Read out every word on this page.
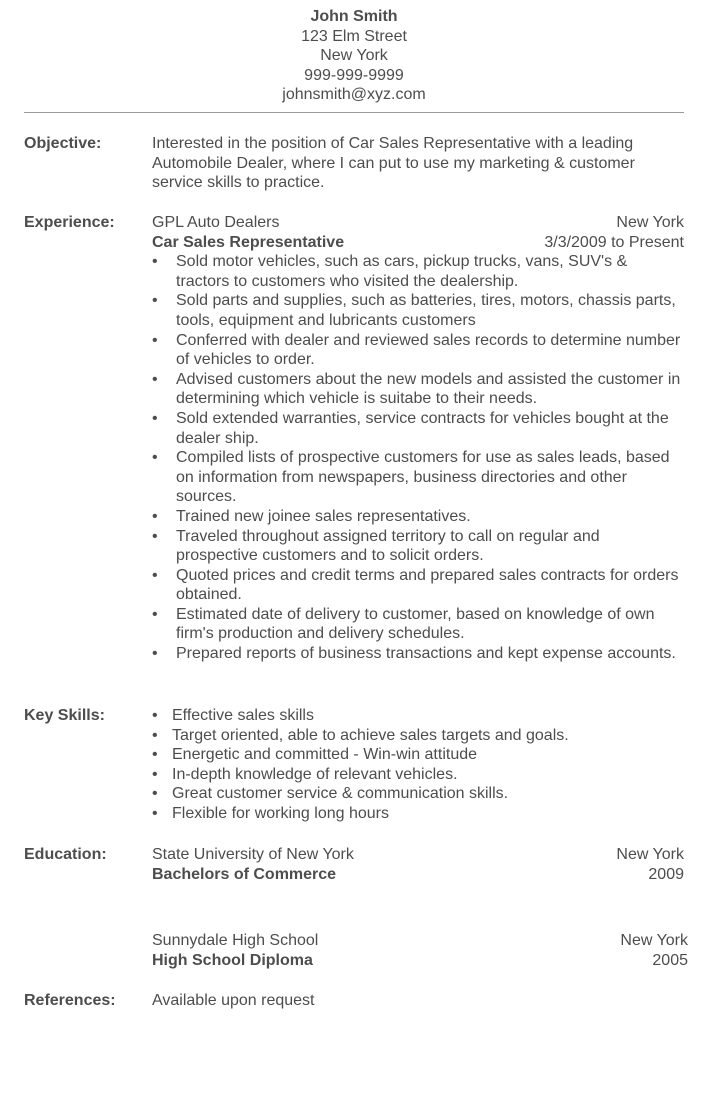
John Smith
123 Elm Street
New York
999-999-9999
johnsmith@xyz.com
Objective:	Interested in the position of Car Sales Representative with a leading Automobile Dealer, where I can put to use my marketing & customer service skills to practice.
Experience: GPL Auto Dealers	New York
Car Sales Representative	3/3/2009 to Present
• Sold motor vehicles, such as cars, pickup trucks, vans, SUV's & tractors to customers who visited the dealership.
• Sold parts and supplies, such as batteries, tires, motors, chassis parts, tools, equipment and lubricants customers
• Conferred with dealer and reviewed sales records to determine number of vehicles to order.
• Advised customers about the new models and assisted the customer in determining which vehicle is suitabe to their needs.
• Sold extended warranties, service contracts for vehicles bought at the dealer ship.
• Compiled lists of prospective customers for use as sales leads, based on information from newspapers, business directories and other sources.
• Trained new joinee sales representatives.
• Traveled throughout assigned territory to call on regular and prospective customers and to solicit orders.
• Quoted prices and credit terms and prepared sales contracts for orders obtained.
• Estimated date of delivery to customer, based on knowledge of own firm's production and delivery schedules.
• Prepared reports of business transactions and kept expense accounts.
Key Skills:	• Effective sales skills
• Target oriented, able to achieve sales targets and goals.
• Energetic and committed - Win-win attitude
• In-depth knowledge of relevant vehicles.
• Great customer service & communication skills.
• Flexible for working long hours
Education:	State University of New York	New York
Bachelors of Commerce	2009
Sunnydale High School	New York
High School Diploma	2005
References: Available upon request
